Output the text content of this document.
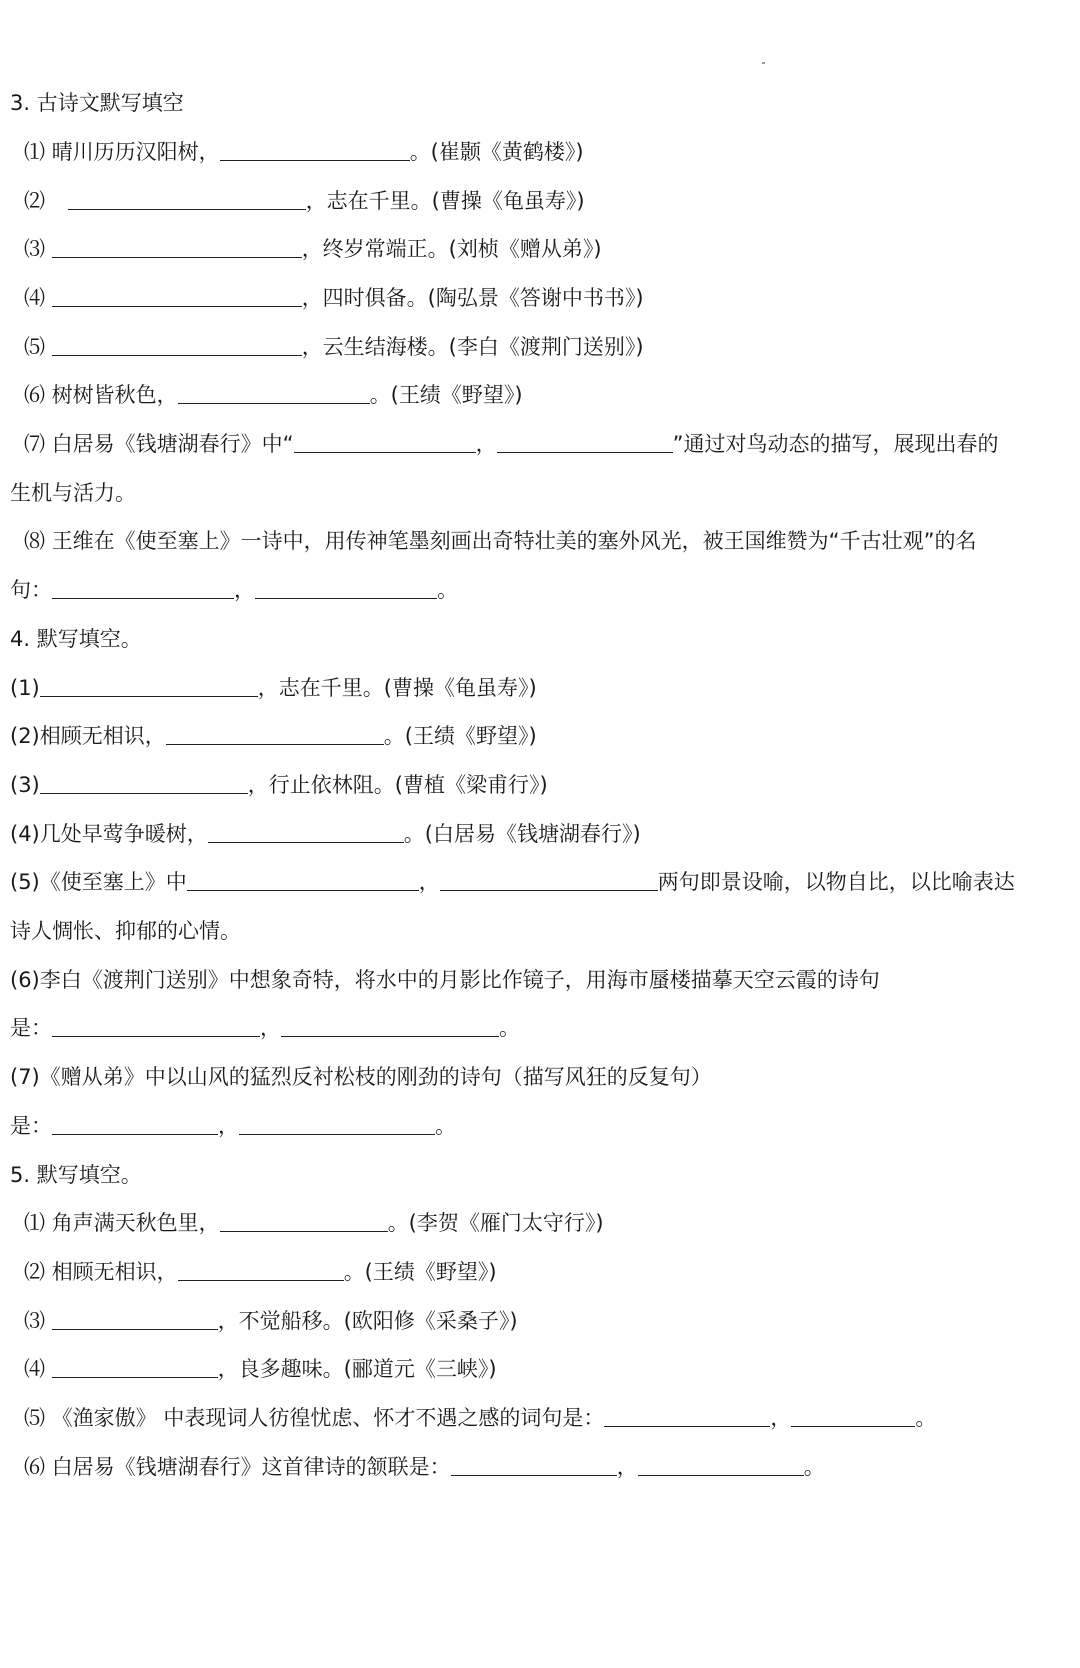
3. 古诗文默写填空
⑴ 晴川历历汉阳树，	。(崔颢《黄鹤楼》)
⑵	，志在千里。(曹操《龟虽寿》)
⑶	，终岁常端正。(刘桢《赠从弟》)
⑷	，四时俱备。(陶弘景《答谢中书书》)
⑸	，云生结海楼。(李白《渡荆门送别》)
⑹ 树树皆秋色，	。(王绩《野望》)
⑺ 白居易《钱塘湖春行》中“	，	”通过对鸟动态的描写，展现出春的
生机与活力。
⑻ 王维在《使至塞上》一诗中，用传神笔墨刻画出奇特壮美的塞外风光，被王国维赞为“千古壮观”的名
句：	，	。
4. 默写填空。
(1)	，志在千里。(曹操《龟虽寿》)
(2)相顾无相识，	。(王绩《野望》)
(3)	，行止依林阻。(曹植《梁甫行》)
(4)几处早莺争暖树，	。(白居易《钱塘湖春行》)
(5)《使至塞上》中	，	两句即景设喻，以物自比，以比喻表达
诗人惆怅、抑郁的心情。
(6)李白《渡荆门送别》中想象奇特，将水中的月影比作镜子，用海市蜃楼描摹天空云霞的诗句
是：	，	。
(7)《赠从弟》中以山风的猛烈反衬松枝的刚劲的诗句（描写风狂的反复句）
是：	，	。
5. 默写填空。
⑴ 角声满天秋色里，	。(李贺《雁门太守行》)
⑵ 相顾无相识，	。(王绩《野望》)
⑶	，不觉船移。(欧阳修《采桑子》)
⑷	，良多趣味。(郦道元《三峡》)
⑸ 《渔家傲》 中表现词人彷徨忧虑、怀才不遇之感的词句是：	，	。
⑹ 白居易《钱塘湖春行》这首律诗的颔联是：	，	。
